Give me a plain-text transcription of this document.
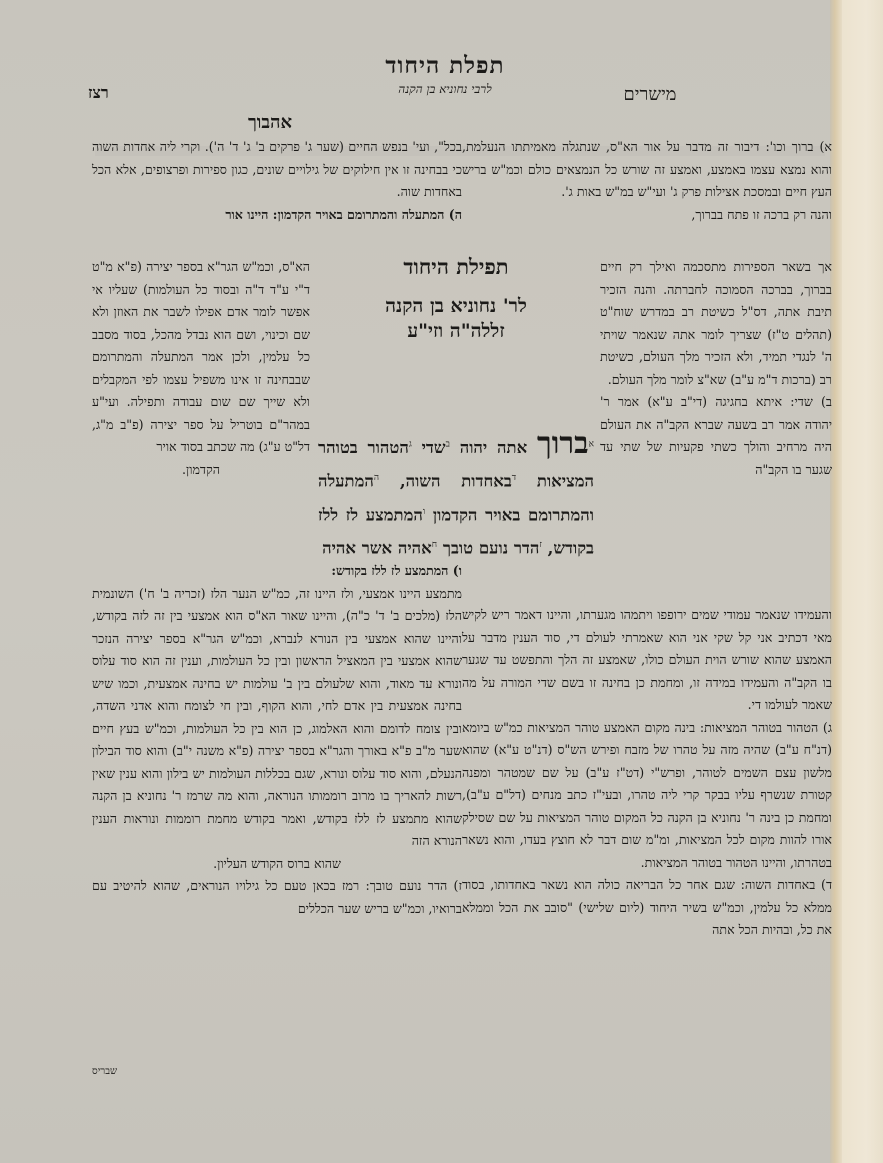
תפלת היחוד
לרבי נחוניא בן הקנה	מישרים
רצז
אהבוך

א) ברוך וכו': דיבור זה מדבר על אור הא"ס, שנתגלה מאמיתתו הנעלמת, והוא נמצא עצמו באמצע, ואמצע זה שורש כל הנמצאים כולם וכמ"ש בריש העץ חיים ובמסכת אצילות פרק ג' ועי"ש במ"ש באות ג'.

והנה רק ברכה זו פתח בברוך,

בכל", ועי' בנפש החיים (שער ג' פרקים ב' ג' ד' ה'). וקרי ליה אחדות השוה כי בבחינה זו אין חילוקים של גילויים שונים, כגון ספירות ופרצופים, אלא הכל באחדות שוה.

ה) המתעלה והמתרומם באויר הקדמון: היינו אור

אך בשאר הספירות מתסכמה ואילך רק חיים בברוך, בברכה הסמוכה לחברתה. והנה הזכיר תיבת אתה, דס"ל כשיטת רב במדרש שוח"ט (תהלים ט"ז) שצריך לומר אתה שנאמר שויתי ה' לנגדי תמיד, ולא הזכיר מלך העולם, כשיטת רב (ברכות ד"מ ע"ב) שא"צ לומר מלך העולם.

ב) שדי: איתא בחגיגה (די"ב ע"א) אמר ר' יהודה אמר רב בשעה שברא הקב"ה את העולם היה מרחיב והולך כשתי פקעיות של שתי עד שגער בו הקב"ה

הא"ס, וכמ"ש הגר"א בספר יצירה (פ"א מ"ט ד"י ע"ד ד"ה ובסוד כל העולמות) שעליו אי אפשר לומר אדם אפילו לשבר את האוזן ולא שם וכינוי, ושם הוא נבדל מהכל, בסוד מסבב כל עלמין, ולכן אמר המתעלה והמתרומם שבבחינה זו אינו משפיל עצמו לפי המקבלים ולא שייך שם שום עבודה ותפילה. ועי"ע במהר"ם בוטריל על ספר יצירה (פ"ב מ"ג, דל"ט ע"ג) מה שכתב בסוד אויר

הקדמון.

תפילת היחוד
לר' נחוניא בן הקנה
זללה"ה וזי"ע
$^א$ברוך אתה יהוה $^ב$שדי $^ג$הטהור בטוהר המציאות $^ד$באחדות השוה, $^ה$המתעלה והמתרומם באויר הקדמון $^ו$המתמצע לז ללז בקודש, $^ז$הדר נועם טובך $^ח$אהיה אשר אהיה

והעמידו שנאמר עמודי שמים ירופפו ויתמהו מגערתו, והיינו דאמר ריש לקיש מאי דכתיב אני קל שקי אני הוא שאמרתי לעולם די, סוד הענין מדבר על האמצע שהוא שורש הוית העולם כולו, שאמצע זה הלך והתפשט עד שגער בו הקב"ה והעמידו במידה זו, ומחמת כן בחינה זו בשם שדי המורה על מה שאמר לעולמו די.

ג) הטהור בטוהר המציאות: בינה מקום האמצע טוהר המציאות כמ"ש ביומא (דנ"ח ע"ב) שהיה מזה על טהרו של מזבח ופירש הש"ס (דנ"ט ע"א) שהוא מלשון עצם השמים לטוהר, ופרש"י (דט"ז ע"ב) על שם שמטהר ומפנה קטורת שנשרף עליו בבקר קרי ליה טהרו, ובעי"ז כתב מנחים (דל"ם ע"ב), ומחמת כן בינה ר' נחוניא בן הקנה כל המקום טוהר המציאות על שם שסילק אורו להוות מקום לכל המציאות, ומ"מ שום דבר לא חוצץ בעדו, והוא נשאר בטהרתו, והיינו הטהור בטוהר המציאות.

ד) באחדות השוה: שגם אחר כל הבריאה כולה הוא נשאר באחדותו, בסוד ממלא כל עלמין, וכמ"ש בשיר היחוד (ליום שלישי) "סובב את הכל וממלא את כל, ובהיות הכל אתה

ו) המתמצע לז ללז בקודש:

מתמצע היינו אמצעי, ולז היינו זה, כמ"ש הנער הלז (זכריה ב' ח') השונמית הלז (מלכים ב' ד' כ"ה), והיינו שאור הא"ס הוא אמצעי בין זה לזה בקודש, והיינו שהוא אמצעי בין הנורא לנברא, וכמ"ש הגר"א בספר יצירה הנזכר שהוא אמצעי בין המאציל הראשון ובין כל העולמות, וענין זה הוא סוד עלוס ונורא עד מאוד, והוא שלעולם בין ב' עולמות יש בחינה אמצעית, וכמו שיש בחינה אמצעית בין אדם לחי, והוא הקוף, ובין חי לצומח והוא אדני השדה, ובין צומח לדומם והוא האלמוג, כן הוא בין כל העולמות, וכמ"ש בעץ חיים שער מ"ב פ"א באורך והגר"א בספר יצירה (פ"א משנה י"ב) והוא סוד הבילון הנעלם, והוא סוד עלוס ונורא, שגם בכללות העולמות יש בילון והוא ענין שאין רשות להאריך בו מרוב רוממותו הנוראה, והוא מה שרמז ר' נחוניא בן הקנה שהוא מתמצע לז ללז בקודש, ואמר בקודש מחמת רוממות ונוראות הענין הנורא הזה

שהוא ברוס הקודש העליון.

ז) הדר נועם טובך: רמז בכאן טעם כל גילויו הנוראים, שהוא להיטיב עם ברואיו, וכמ"ש בריש שער הכללים

שבריס
